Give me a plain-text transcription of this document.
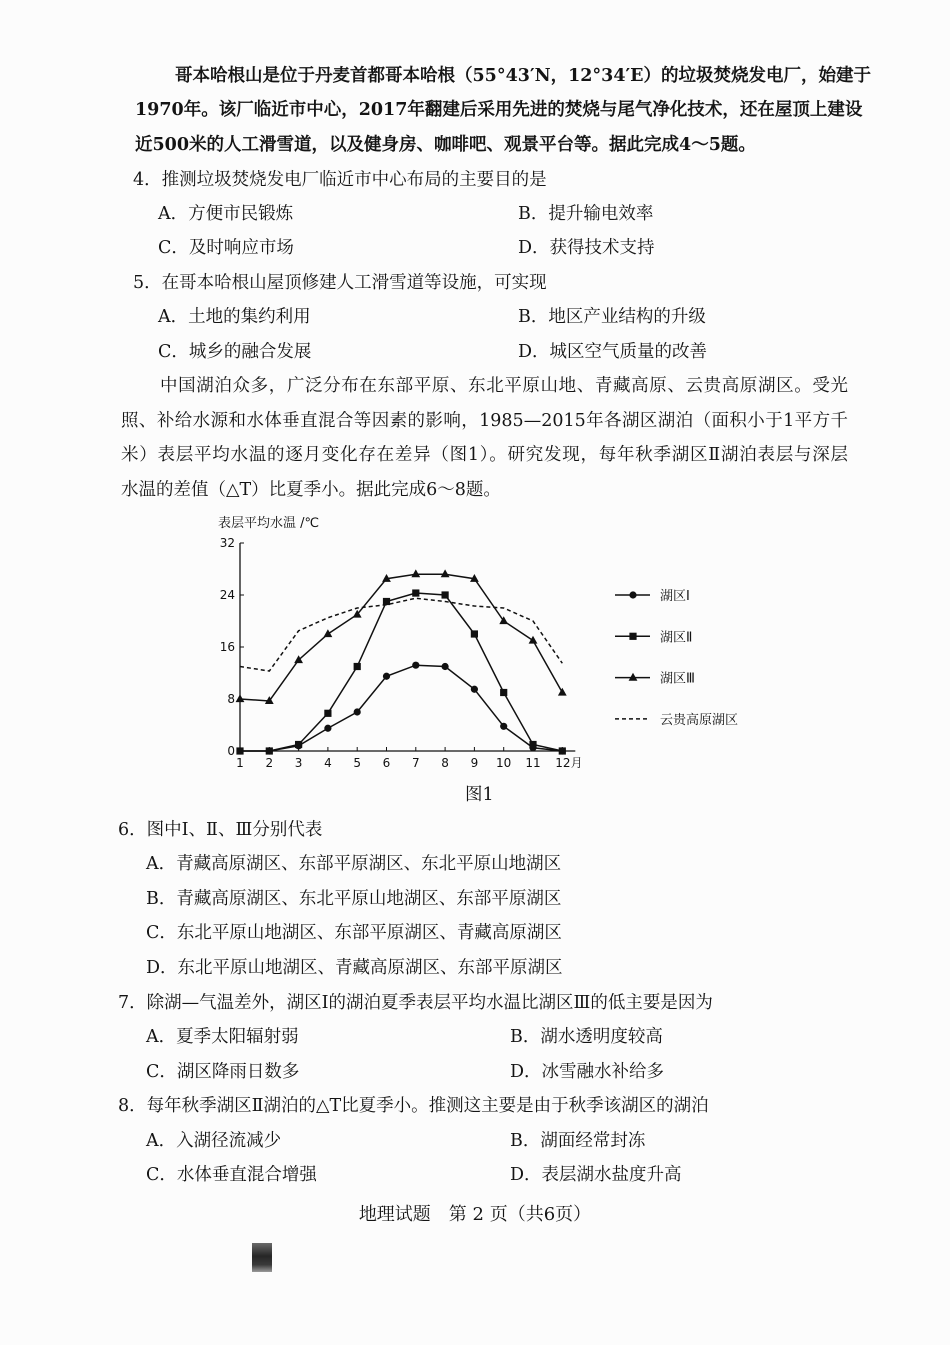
哥本哈根山是位于丹麦首都哥本哈根（55°43′N，12°34′E）的垃圾焚烧发电厂，始建于
1970年。该厂临近市中心，2017年翻建后采用先进的焚烧与尾气净化技术，还在屋顶上建设
近500米的人工滑雪道，以及健身房、咖啡吧、观景平台等。据此完成4～5题。
4．推测垃圾焚烧发电厂临近市中心布局的主要目的是
A．方便市民锻炼	B．提升输电效率
C．及时响应市场	D．获得技术支持
5．在哥本哈根山屋顶修建人工滑雪道等设施，可实现
A．土地的集约利用	B．地区产业结构的升级
C．城乡的融合发展	D．城区空气质量的改善
中国湖泊众多，广泛分布在东部平原、东北平原山地、青藏高原、云贵高原湖区。受光
照、补给水源和水体垂直混合等因素的影响，1985—2015年各湖区湖泊（面积小于1平方千
米）表层平均水温的逐月变化存在差异（图1）。研究发现，每年秋季湖区Ⅱ湖泊表层与深层
水温的差值（△T）比夏季小。据此完成6～8题。
表层平均水温 /℃
0
8
16
24
32
1 2 3 4 5 6 7 8 9 10 11 12月
湖区Ⅰ
湖区Ⅱ
湖区Ⅲ
云贵高原湖区
图1
6．图中Ⅰ、Ⅱ、Ⅲ分别代表
A．青藏高原湖区、东部平原湖区、东北平原山地湖区
B．青藏高原湖区、东北平原山地湖区、东部平原湖区
C．东北平原山地湖区、东部平原湖区、青藏高原湖区
D．东北平原山地湖区、青藏高原湖区、东部平原湖区
7．除湖—气温差外，湖区Ⅰ的湖泊夏季表层平均水温比湖区Ⅲ的低主要是因为
A．夏季太阳辐射弱	B．湖水透明度较高
C．湖区降雨日数多	D．冰雪融水补给多
8．每年秋季湖区Ⅱ湖泊的△T比夏季小。推测这主要是由于秋季该湖区的湖泊
A．入湖径流减少	B．湖面经常封冻
C．水体垂直混合增强	D．表层湖水盐度升高
地理试题　第 2 页（共6页）
